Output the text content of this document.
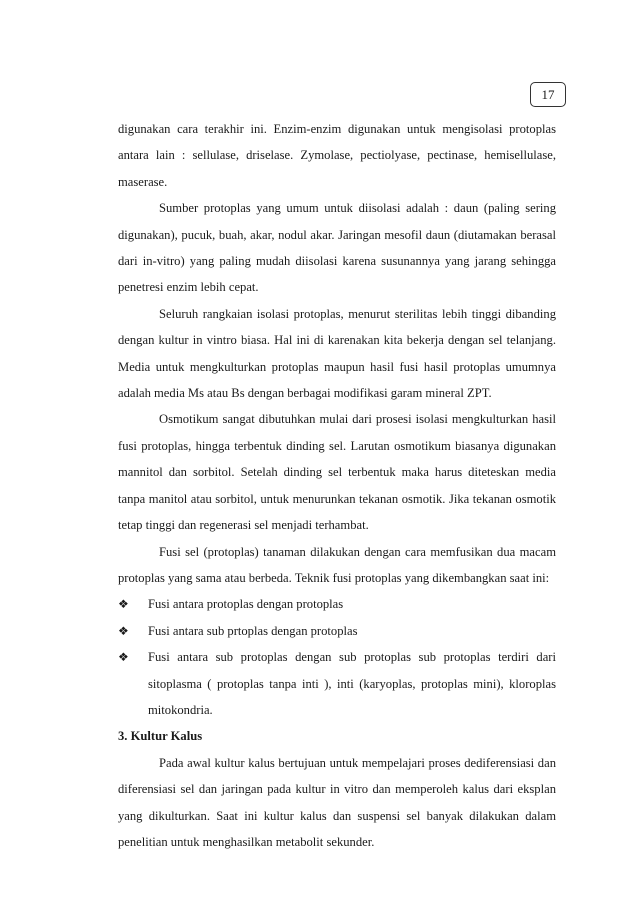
17

digunakan cara terakhir ini. Enzim-enzim digunakan untuk mengisolasi protoplas antara lain : sellulase, driselase. Zymolase, pectiolyase, pectinase, hemisellulase, maserase.

Sumber protoplas yang umum untuk diisolasi adalah : daun (paling sering digunakan), pucuk, buah, akar, nodul akar. Jaringan mesofil daun (diutamakan berasal dari in-vitro) yang paling mudah diisolasi karena susunannya yang jarang sehingga penetresi enzim lebih cepat.

Seluruh rangkaian isolasi protoplas, menurut sterilitas lebih tinggi dibanding dengan kultur in vintro biasa. Hal ini di karenakan kita bekerja dengan sel telanjang. Media untuk mengkulturkan protoplas maupun hasil fusi hasil protoplas umumnya adalah media Ms atau Bs dengan berbagai modifikasi garam mineral ZPT.

Osmotikum sangat dibutuhkan mulai dari prosesi isolasi mengkulturkan hasil fusi protoplas, hingga terbentuk dinding sel. Larutan osmotikum biasanya digunakan mannitol dan sorbitol. Setelah dinding sel terbentuk maka harus diteteskan media tanpa manitol atau sorbitol, untuk menurunkan tekanan osmotik. Jika tekanan osmotik tetap tinggi dan regenerasi sel menjadi terhambat.

Fusi sel (protoplas) tanaman dilakukan dengan cara memfusikan dua macam protoplas yang sama atau berbeda. Teknik fusi protoplas yang dikembangkan saat ini:

❖	Fusi antara protoplas dengan protoplas
❖	Fusi antara sub prtoplas dengan protoplas
❖	Fusi antara sub protoplas dengan sub protoplas sub protoplas terdiri dari sitoplasma ( protoplas tanpa inti ), inti (karyoplas, protoplas mini), kloroplas mitokondria.

3. Kultur Kalus

Pada awal kultur kalus bertujuan untuk mempelajari proses dediferensiasi dan diferensiasi sel dan jaringan pada kultur in vitro dan memperoleh kalus dari eksplan yang dikulturkan. Saat ini kultur kalus dan suspensi sel banyak dilakukan dalam penelitian untuk menghasilkan metabolit sekunder.
